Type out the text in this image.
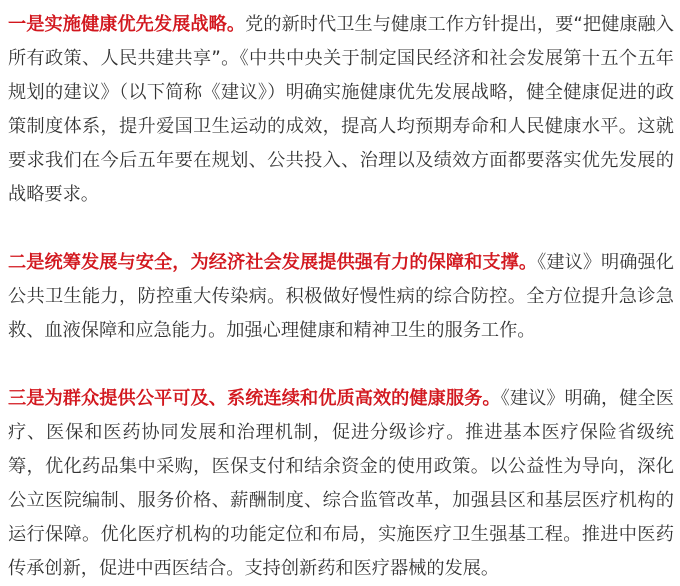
一是实施健康优先发展战略。党的新时代卫生与健康工作方针提出，要“把健康融入所有政策、人民共建共享”。《中共中央关于制定国民经济和社会发展第十五个五年规划的建议》（以下简称《建议》）明确实施健康优先发展战略，健全健康促进的政策制度体系，提升爱国卫生运动的成效，提高人均预期寿命和人民健康水平。这就要求我们在今后五年要在规划、公共投入、治理以及绩效方面都要落实优先发展的战略要求。

二是统筹发展与安全，为经济社会发展提供强有力的保障和支撑。《建议》明确强化公共卫生能力，防控重大传染病。积极做好慢性病的综合防控。全方位提升急诊急救、血液保障和应急能力。加强心理健康和精神卫生的服务工作。

三是为群众提供公平可及、系统连续和优质高效的健康服务。《建议》明确，健全医疗、医保和医药协同发展和治理机制，促进分级诊疗。推进基本医疗保险省级统筹，优化药品集中采购，医保支付和结余资金的使用政策。以公益性为导向，深化公立医院编制、服务价格、薪酬制度、综合监管改革，加强县区和基层医疗机构的运行保障。优化医疗机构的功能定位和布局，实施医疗卫生强基工程。推进中医药传承创新，促进中西医结合。支持创新药和医疗器械的发展。
